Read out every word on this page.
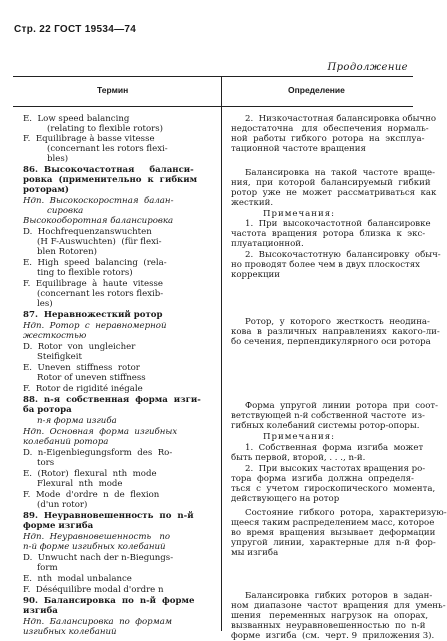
Стр. 22 ГОСТ 19534—74
Продолжение
Термин	Определение
E.  Low speed balancing
(relating to flexible rotors)
F.  Equilibrage à basse vitesse
(concernant les rotors flexi-
bles)
86.  Высокочастотная     баланси-
ровка  (применительно  к  гибким
роторам)
Ндп.  Высокоскоростная  балан-
сировка
Высокооборотная балансировка
D.  Hochfrequenzanswuchten
(H F-Auswuchten)  (für flexi-
blen Rotoren)
E.  High  speed  balancing  (rela-
ting to flexible rotors)
F.  Equilibrage  à  haute  vitesse
(concernant les rotors flexib-
les)
87.  Неравножесткий ротор
Ндп.  Ротор  с  неравномерной
жесткостью
D.  Rotor  von  ungleicher
Steifigkeit
E.  Uneven  stiffness  rotor
Rotor of uneven stiffness
F.  Rotor de rigidité inégale
88.  n-я  собственная  форма  изги-
ба ротора
n-я форма изгиба
Ндп.  Основная  форма  изгибных
колебаний ротора
D.  n-Eigenbiegungsform  des  Ro-
tors
E.  (Rotor)  flexural  nth  mode
Flexural  nth  mode
F.  Mode  d'ordre  n  de  flexion
(d'un rotor)
89.  Неуравновешенность  по  n-й
форме изгиба
Ндп.  Неуравновешенность   по
n-й форме изгибных колебаний
D.  Unwucht nach der n-Biegungs-
form
E.  nth  modal unbalance
F.  Déséquilibre modal d'ordre n
90.  Балансировка  по  n-й  форме
изгиба
Ндп.  Балансировка  по  формам
изгибных колебаний
2.  Низкочастотная балансировка обычно
недостаточна   для  обеспечения  нормаль-
ной  работы  гибкого  ротора  на  эксплуа-
тационной частоте вращения
Балансировка  на  такой  частоте  враще-
ния,  при  которой  балансируемый  гибкий
ротор  уже  не  может  рассматриваться  как
жесткий.
Примечания:
1.  При  высокочастотной  балансировке
частота  вращения  ротора  близка  к  экс-
плуатационной.
2.  Высокочастотную  балансировку  обыч-
но проводят более чем в двух плоскостях
коррекции
Ротор,  у  которого  жесткость  неодина-
кова  в  различных  направлениях  какого-ли-
бо сечения, перпендикулярного оси ротора
Форма  упругой  линии  ротора  при  соот-
ветствующей n-й собственной частоте  из-
гибных колебаний системы ротор-опоры.
Примечания:
1.  Собственная  форма  изгиба  может
быть первой, второй, . . ., n-й.
2.  При высоких частотах вращения ро-
тора  форма  изгиба  должна  определя-
ться  с  учетом  гироскопического  момента,
действующего на ротор
Состояние  гибкого  ротора,  характеризую-
щееся таким распределением масс, которое
во  время  вращения  вызывает  деформации
упругой  линии,  характерные  для  n-й  фор-
мы изгиба
Балансировка  гибких  роторов  в  задан-
ном  диапазоне  частот  вращения  для  умень-
шения   переменных  нагрузок  на  опорах,
вызванных  неуравновешенностью  по  n-й
форме  изгиба  (см.  черт. 9  приложения 3).
